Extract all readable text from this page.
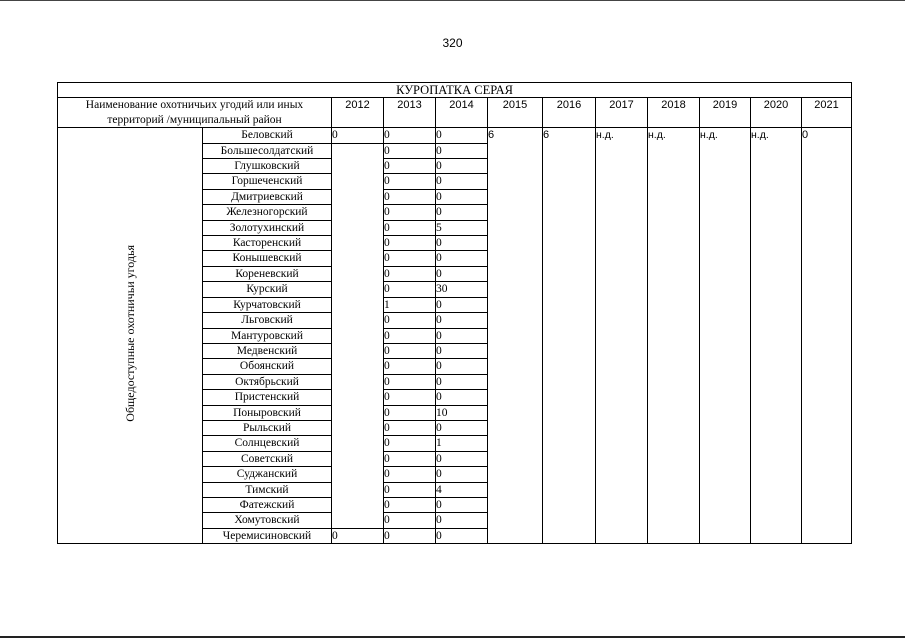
320
КУРОПАТКА СЕРАЯ											
Наименование охотничьих угодий или иных территорий /муниципальный район		2012	2013	2014	2015	2016	2017	2018	2019	2020	2021
Общедоступные охотничьи угодья	Беловский	0	0	0	6	6	н.д.	н.д.	н.д.	н.д.	0
	Большесолдатский		0	0							
	Глушковский		0	0							
	Горшеченский		0	0							
	Дмитриевский		0	0							
	Железногорский		0	0							
	Золотухинский		0	5							
	Касторенский		0	0							
	Конышевский		0	0							
	Кореневский		0	0							
	Курский		0	30							
	Курчатовский		1	0							
	Льговский		0	0							
	Мантуровский		0	0							
	Медвенский		0	0							
	Обоянский		0	0							
	Октябрьский		0	0							
	Пристенский		0	0							
	Поныровский		0	10							
	Рыльский		0	0							
	Солнцевский		0	1							
	Советский		0	0							
	Суджанский		0	0							
	Тимский		0	4							
	Фатежский		0	0							
	Хомутовский		0	0							
	Черемисиновский	0	0	0							
